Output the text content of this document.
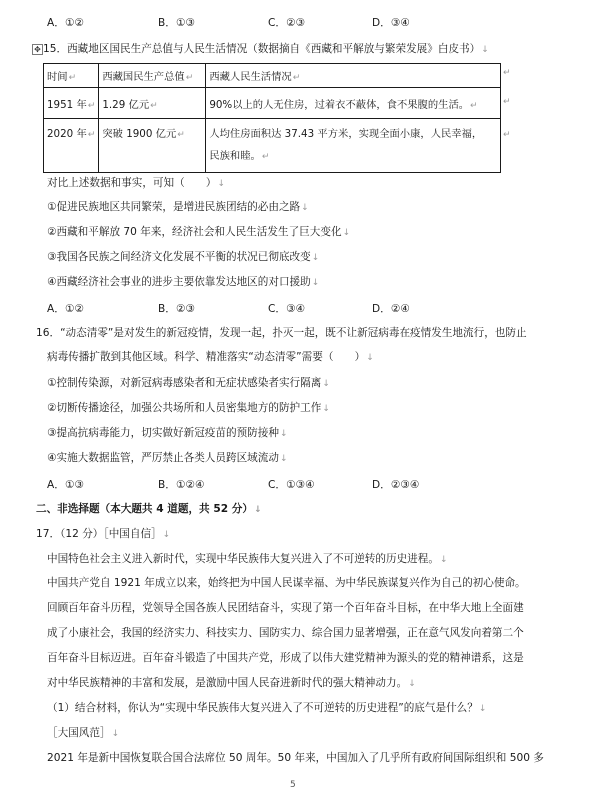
A．①②	B．①③	C．②③	D．③④
✥ 15．西藏地区国民生产总值与人民生活情况（数据摘自《西藏和平解放与繁荣发展》白皮书）↓
时间↵	西藏国民生产总值↵	西藏人民生活情况↵
1951 年↵	1.29 亿元↵	90%以上的人无住房，过着衣不蔽体，食不果腹的生活。↵
2020 年↵	突破 1900 亿元↵	人均住房面积达 37.43 平方米，实现全面小康，人民幸福，
民族和睦。↵
↵
↵
↵
对比上述数据和事实，可知（　　）↓
①促进民族地区共同繁荣，是增进民族团结的必由之路↓
②西藏和平解放 70 年来，经济社会和人民生活发生了巨大变化↓
③我国各民族之间经济文化发展不平衡的状况已彻底改变↓
④西藏经济社会事业的进步主要依靠发达地区的对口援助↓
A．①②	B．②③	C．③④	D．②④
16．“动态清零”是对发生的新冠疫情，发现一起，扑灭一起，既不让新冠病毒在疫情发生地流行，也防止
病毒传播扩散到其他区域。科学、精准落实“动态清零”需要（　　）↓
①控制传染源，对新冠病毒感染者和无症状感染者实行隔离↓
②切断传播途径，加强公共场所和人员密集地方的防护工作↓
③提高抗病毒能力，切实做好新冠疫苗的预防接种↓
④实施大数据监管，严厉禁止各类人员跨区域流动↓
A．①③	B．①②④	C．①③④	D．②③④
二、非选择题（本大题共 4 道题，共 52 分）↓
17．（12 分）［中国自信］↓
中国特色社会主义进入新时代，实现中华民族伟大复兴进入了不可逆转的历史进程。↓
中国共产党自 1921 年成立以来，始终把为中国人民谋幸福、为中华民族谋复兴作为自己的初心使命。
回顾百年奋斗历程，党领导全国各族人民团结奋斗，实现了第一个百年奋斗目标，在中华大地上全面建
成了小康社会，我国的经济实力、科技实力、国防实力、综合国力显著增强，正在意气风发向着第二个
百年奋斗目标迈进。百年奋斗锻造了中国共产党，形成了以伟大建党精神为源头的党的精神谱系，这是
对中华民族精神的丰富和发展，是激励中国人民奋进新时代的强大精神动力。↓
（1）结合材料，你认为“实现中华民族伟大复兴进入了不可逆转的历史进程”的底气是什么？↓
［大国风范］↓
2021 年是新中国恢复联合国合法席位 50 周年。50 年来，中国加入了几乎所有政府间国际组织和 500 多
5
